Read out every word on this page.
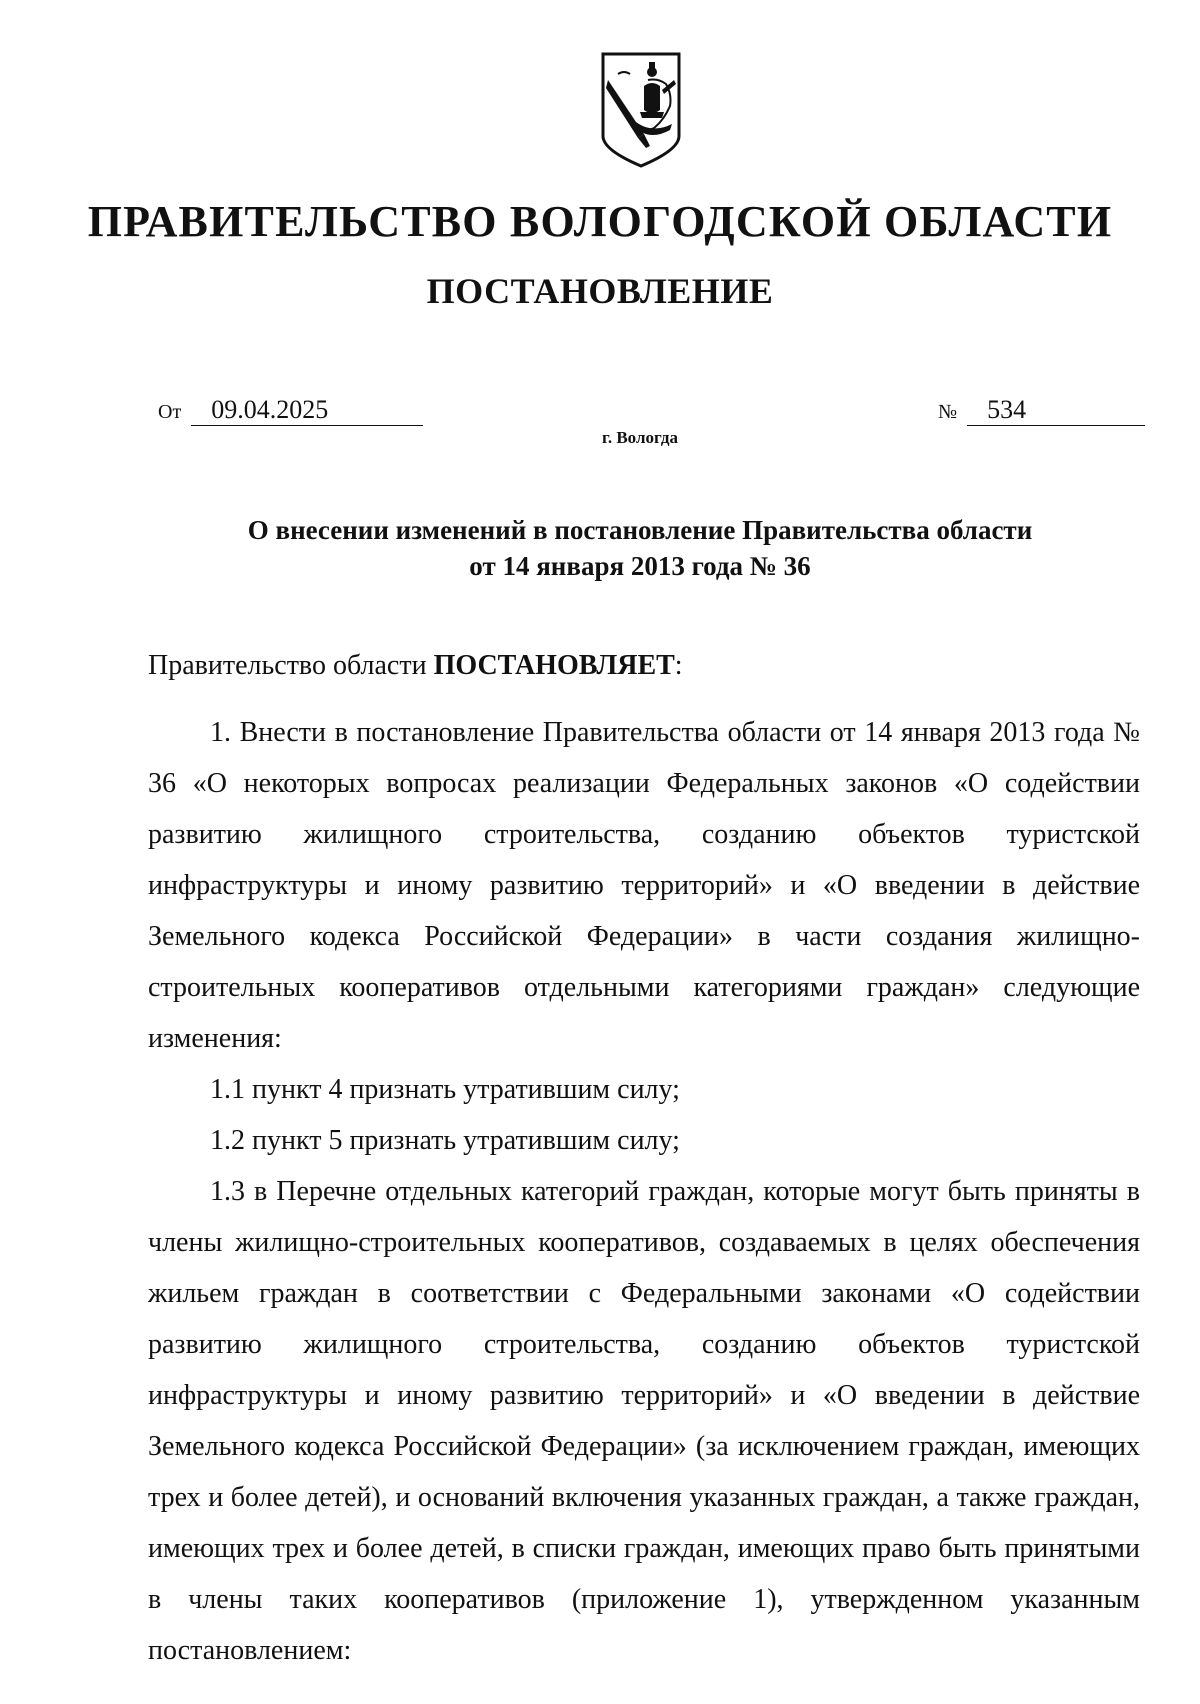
ПРАВИТЕЛЬСТВО ВОЛОГОДСКОЙ ОБЛАСТИ
ПОСТАНОВЛЕНИЕ
От 09.04.2025	№ 534
г. Вологда
О внесении изменений в постановление Правительства области
от 14 января 2013 года № 36

Правительство области ПОСТАНОВЛЯЕТ:

1. Внести в постановление Правительства области от 14 января 2013 года № 36 «О некоторых вопросах реализации Федеральных законов «О содействии развитию жилищного строительства, созданию объектов туристской инфраструктуры и иному развитию территорий» и «О введении в действие Земельного кодекса Российской Федерации» в части создания жилищно-строительных кооперативов отдельными категориями граждан» следующие изменения:

1.1 пункт 4 признать утратившим силу;

1.2 пункт 5 признать утратившим силу;

1.3 в Перечне отдельных категорий граждан, которые могут быть приняты в члены жилищно-строительных кооперативов, создаваемых в целях обеспечения жильем граждан в соответствии с Федеральными законами «О содействии развитию жилищного строительства, созданию объектов туристской инфраструктуры и иному развитию территорий» и «О введении в действие Земельного кодекса Российской Федерации» (за исключением граждан, имеющих трех и более детей), и оснований включения указанных граждан, а также граждан, имеющих трех и более детей, в списки граждан, имеющих право быть принятыми в члены таких кооперативов (приложение 1), утвержденном указанным постановлением:
